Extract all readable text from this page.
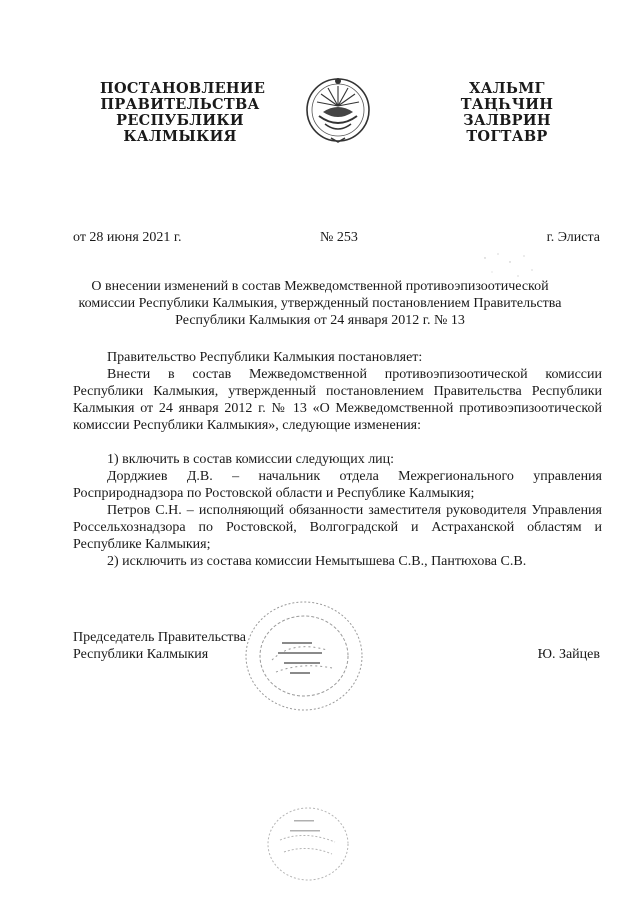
ПОСТАНОВЛЕНИЕ
ПРАВИТЕЛЬСТВА
РЕСПУБЛИКИ
КАЛМЫКИЯ
ХАЛЬМГ
ТАҢҺЧИН
ЗАЛВРИН
ТОГТАВР
от 28 июня 2021 г.	№ 253	г. Элиста
О внесении изменений в состав Межведомственной противоэпизоотической
комиссии Республики Калмыкия, утвержденный постановлением Правительства
Республики Калмыкия от 24 января 2012 г. № 13
Правительство Республики Калмыкия постановляет:
Внести в состав Межведомственной противоэпизоотической комиссии Республики Калмыкия, утвержденный постановлением Правительства Республики Калмыкия от 24 января 2012 г. № 13 «О Межведомственной противоэпизоотической комиссии Республики Калмыкия», следующие изменения:
1) включить в состав комиссии следующих лиц:
Дорджиев Д.В. – начальник отдела Межрегионального управления Росприроднадзора по Ростовской области и Республике Калмыкия;
Петров С.Н. – исполняющий обязанности заместителя руководителя Управления Россельхознадзора по Ростовской, Волгоградской и Астраханской областям и Республике Калмыкия;
2) исключить из состава комиссии Немытышева С.В., Пантюхова С.В.
Председатель Правительства
Республики Калмыкия	Ю. Зайцев
